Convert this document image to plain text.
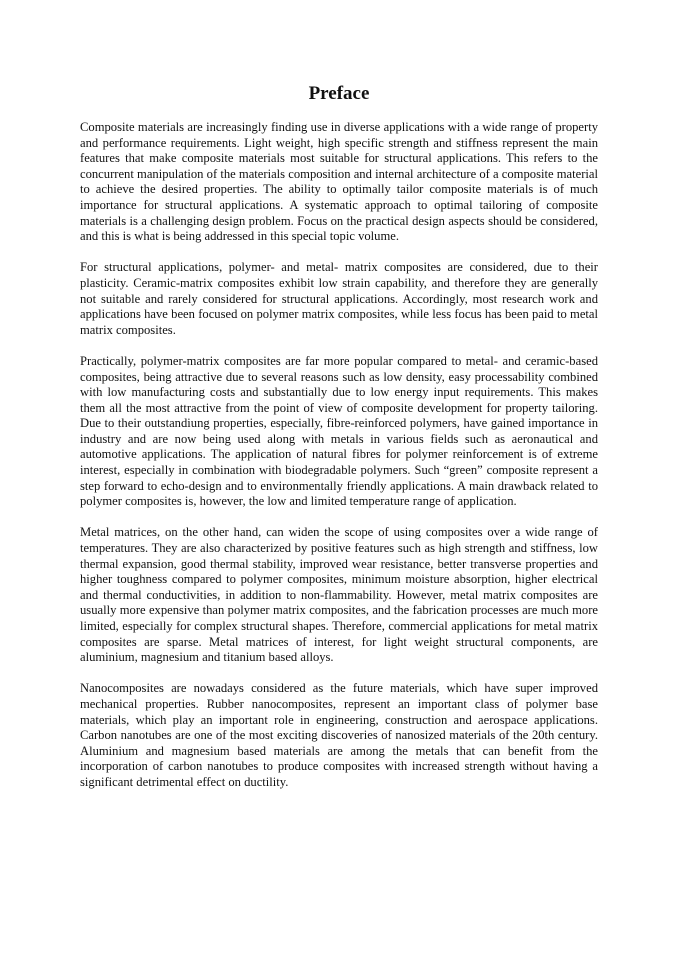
Preface

Composite materials are increasingly finding use in diverse applications with a wide range of property and performance requirements. Light weight, high specific strength and stiffness represent the main features that make composite materials most suitable for structural applications. This refers to the concurrent manipulation of the materials composition and internal architecture of a composite material to achieve the desired properties. The ability to optimally tailor composite materials is of much importance for structural applications. A systematic approach to optimal tailoring of composite materials is a challenging design problem. Focus on the practical design aspects should be considered, and this is what is being addressed in this special topic volume.

For structural applications, polymer- and metal- matrix composites are considered, due to their plasticity. Ceramic-matrix composites exhibit low strain capability, and therefore they are generally not suitable and rarely considered for structural applications. Accordingly, most research work and applications have been focused on polymer matrix composites, while less focus has been paid to metal matrix composites.

Practically, polymer-matrix composites are far more popular compared to metal- and ceramic-based composites, being attractive due to several reasons such as low density, easy processability combined with low manufacturing costs and substantially due to low energy input requirements. This makes them all the most attractive from the point of view of composite development for property tailoring. Due to their outstandiung properties, especially, fibre-reinforced polymers, have gained importance in industry and are now being used along with metals in various fields such as aeronautical and automotive applications. The application of natural fibres for polymer reinforcement is of extreme interest, especially in combination with biodegradable polymers. Such “green” composite represent a step forward to echo-design and to environmentally friendly applications. A main drawback related to polymer composites is, however, the low and limited temperature range of application.

Metal matrices, on the other hand, can widen the scope of using composites over a wide range of temperatures. They are also characterized by positive features such as high strength and stiffness, low thermal expansion, good thermal stability, improved wear resistance, better transverse properties and higher toughness compared to polymer composites, minimum moisture absorption, higher electrical and thermal conductivities, in addition to non-flammability. However, metal matrix composites are usually more expensive than polymer matrix composites, and the fabrication processes are much more limited, especially for complex structural shapes. Therefore, commercial applications for metal matrix composites are sparse. Metal matrices of interest, for light weight structural components, are aluminium, magnesium and titanium based alloys.

Nanocomposites are nowadays considered as the future materials, which have super improved mechanical properties. Rubber nanocomposites, represent an important class of polymer base materials, which play an important role in engineering, construction and aerospace applications. Carbon nanotubes are one of the most exciting discoveries of nanosized materials of the 20th century. Aluminium and magnesium based materials are among the metals that can benefit from the incorporation of carbon nanotubes to produce composites with increased strength without having a significant detrimental effect on ductility.
